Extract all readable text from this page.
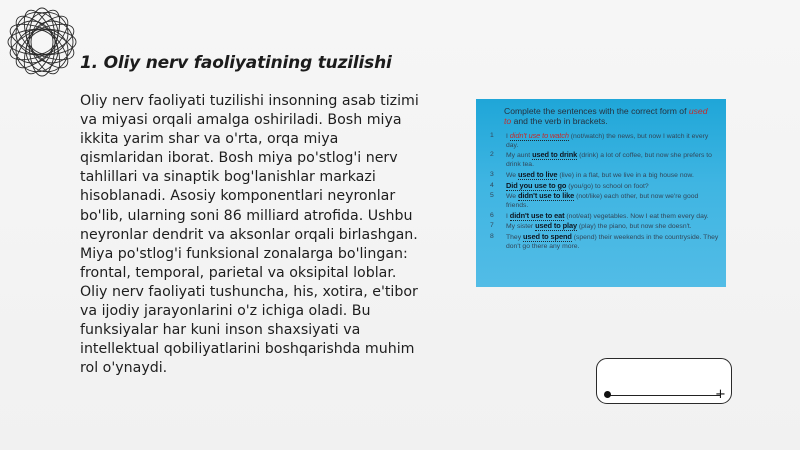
1. Oliy nerv faoliyatining tuzilishi

Oliy nerv faoliyati tuzilishi insonning asab tizimi va miyasi orqali amalga oshiriladi. Bosh miya ikkita yarim shar va o'rta, orqa miya qismlaridan iborat. Bosh miya po'stlog'i nerv tahlillari va sinaptik bog'lanishlar markazi hisoblanadi. Asosiy komponentlari neyronlar bo'lib, ularning soni 86 milliard atrofida. Ushbu neyronlar dendrit va aksonlar orqali birlashgan. Miya po'stlog'i funksional zonalarga bo'lingan: frontal, temporal, parietal va oksipital loblar. Oliy nerv faoliyati tushuncha, his, xotira, e'tibor va ijodiy jarayonlarini o'z ichiga oladi. Bu funksiyalar har kuni inson shaxsiyati va intellektual qobiliyatlarini boshqarishda muhim rol o'ynaydi.

Complete the sentences with the correct form of used to and the verb in brackets.
1	I didn't use to watch (not/watch) the news, but now I watch it every day.
2	My aunt used to drink (drink) a lot of coffee, but now she prefers to drink tea.
3	We used to live (live) in a flat, but we live in a big house now.
4	Did you use to go (you/go) to school on foot?
5	We didn't use to like (not/like) each other, but now we're good friends.
6	I didn't use to eat (not/eat) vegetables. Now I eat them every day.
7	My sister used to play (play) the piano, but now she doesn't.
8	They used to spend (spend) their weekends in the countryside. They don't go there any more.
+
